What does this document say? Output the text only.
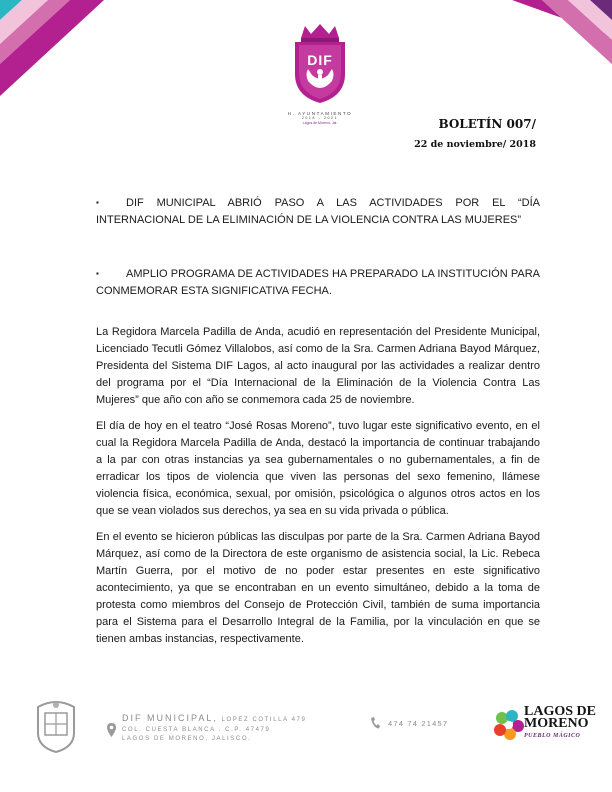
DIF
H. AYUNTAMIENTO
2018 - 2021
Lagos de Moreno, Jal.	BOLETÍN 007/
22 de noviembre/ 2018
▪ DIF MUNICIPAL ABRIÓ PASO A LAS ACTIVIDADES POR EL “DÍA INTERNACIONAL DE LA ELIMINACIÓN DE LA VIOLENCIA CONTRA LAS MUJERES”
▪ AMPLIO PROGRAMA DE ACTIVIDADES HA PREPARADO LA INSTITUCIÓN PARA CONMEMORAR ESTA SIGNIFICATIVA FECHA.

La Regidora Marcela Padilla de Anda, acudió en representación del Presidente Municipal, Licenciado Tecutli Gómez Villalobos, así como de la Sra. Carmen Adriana Bayod Márquez, Presidenta del Sistema DIF Lagos, al acto inaugural por las actividades a realizar dentro del programa por el “Día Internacional de la Eliminación de la Violencia Contra Las Mujeres” que año con año se conmemora cada 25 de noviembre.

El día de hoy en el teatro “José Rosas Moreno”, tuvo lugar este significativo evento, en el cual la Regidora Marcela Padilla de Anda, destacó la importancia de continuar trabajando a la par con otras instancias ya sea gubernamentales o no gubernamentales, a fin de erradicar los tipos de violencia que viven las personas del sexo femenino, llámese violencia física, económica, sexual, por omisión, psicológica o algunos otros actos en los que se vean violados sus derechos, ya sea en su vida privada o pública.

En el evento se hicieron públicas las disculpas por parte de la Sra. Carmen Adriana Bayod Márquez, así como de la Directora de este organismo de asistencia social, la Lic. Rebeca Martín Guerra, por el motivo de no poder estar presentes en este significativo acontecimiento, ya que se encontraban en un evento simultáneo, debido a la toma de protesta como miembros del Consejo de Protección Civil, también de suma importancia para el Sistema para el Desarrollo Integral de la Familia, por la vinculación en que se tienen ambas instancias, respectivamente.

DIF MUNICIPAL, LOPEZ COTILLA 479
COL. CUESTA BLANCA . C.P. 47479
LAGOS DE MORENO, JALISCO.
474 74 21457
LAGOS DE
MORENO
PUEBLO MÁGICO
